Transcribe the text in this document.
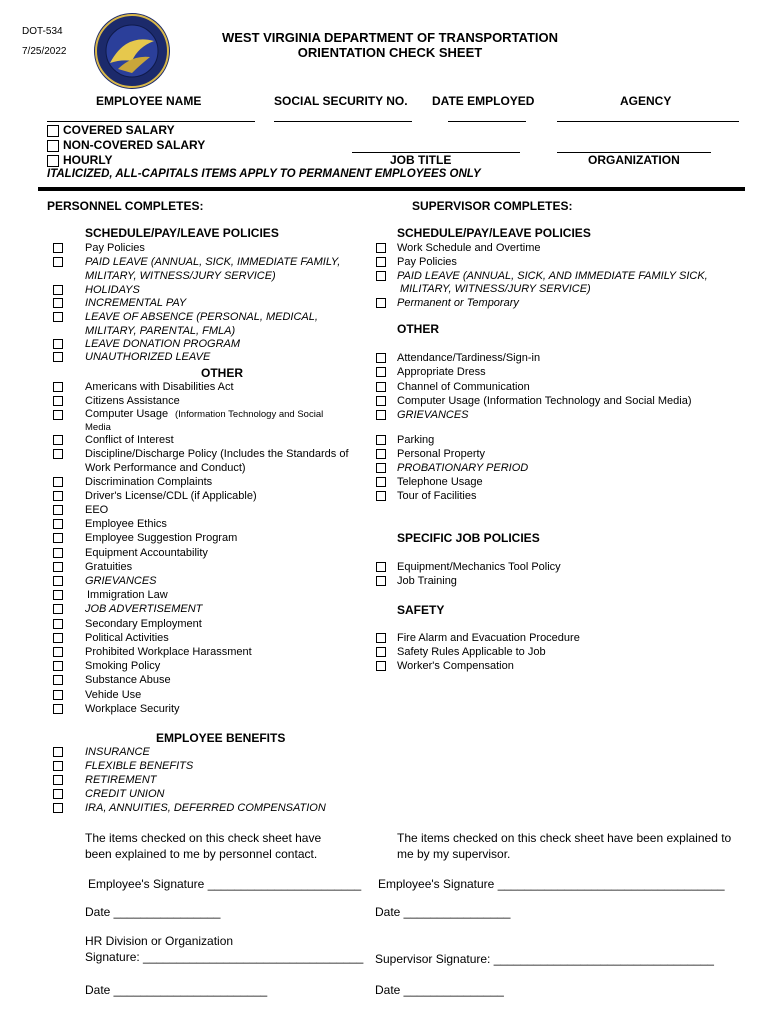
DOT-534
7/25/2022
WEST VIRGINIA DEPARTMENT OF TRANSPORTATION
ORIENTATION CHECK SHEET
EMPLOYEE NAME	SOCIAL SECURITY NO. DATE EMPLOYED	AGENCY
COVERED SALARY
NON-COVERED SALARY
HOURLY	JOB TITLE	ORGANIZATION
ITALICIZED, ALL-CAPITALS ITEMS APPLY TO PERMANENT EMPLOYEES ONLY
PERSONNEL COMPLETES:	SUPERVISOR COMPLETES:
SCHEDULE/PAY/LEAVE POLICIES
Pay Policies
PAID LEAVE (ANNUAL, SICK, IMMEDIATE FAMILY,
MILITARY, WITNESS/JURY SERVICE)
HOLIDAYS
INCREMENTAL PAY
LEAVE OF ABSENCE (PERSONAL, MEDICAL,
MILITARY, PARENTAL, FMLA)
LEAVE DONATION PROGRAM
UNAUTHORIZED LEAVE
OTHER
Americans with Disabilities Act
Citizens Assistance
Computer Usage (Information Technology and Social
Media
Conflict of Interest
Discipline/Discharge Policy (Includes the Standards of
Work Performance and Conduct)
Discrimination Complaints
Driver's License/CDL (if Applicable)
EEO
Employee Ethics
Employee Suggestion Program
Equipment Accountability
Gratuities
GRIEVANCES
Immigration Law
JOB ADVERTISEMENT
Secondary Employment
Political Activities
Prohibited Workplace Harassment
Smoking Policy
Substance Abuse
Vehide Use
Workplace Security
EMPLOYEE BENEFITS
INSURANCE
FLEXIBLE BENEFITS
RETIREMENT
CREDIT UNION
IRA, ANNUITIES, DEFERRED COMPENSATION
SCHEDULE/PAY/LEAVE POLICIES
Work Schedule and Overtime
Pay Policies
PAID LEAVE (ANNUAL, SICK, AND IMMEDIATE FAMILY SICK,
MILITARY, WITNESS/JURY SERVICE)
Permanent or Temporary
OTHER
Attendance/Tardiness/Sign-in
Appropriate Dress
Channel of Communication
Computer Usage (Information Technology and Social Media)
GRIEVANCES
Parking
Personal Property
PROBATIONARY PERIOD
Telephone Usage
Tour of Facilities
SPECIFIC JOB POLICIES
Equipment/Mechanics Tool Policy
Job Training
SAFETY
Fire Alarm and Evacuation Procedure
Safety Rules Applicable to Job
Worker's Compensation
The items checked on this check sheet have
been explained to me by personnel contact.
The items checked on this check sheet have been explained to
me by my supervisor.
Employee's Signature _______________________ Employee's Signature __________________________________
Date ________________	Date ________________
HR Division or Organization
Signature: _________________________________ Supervisor Signature: _________________________________
Date _______________________	Date _______________
